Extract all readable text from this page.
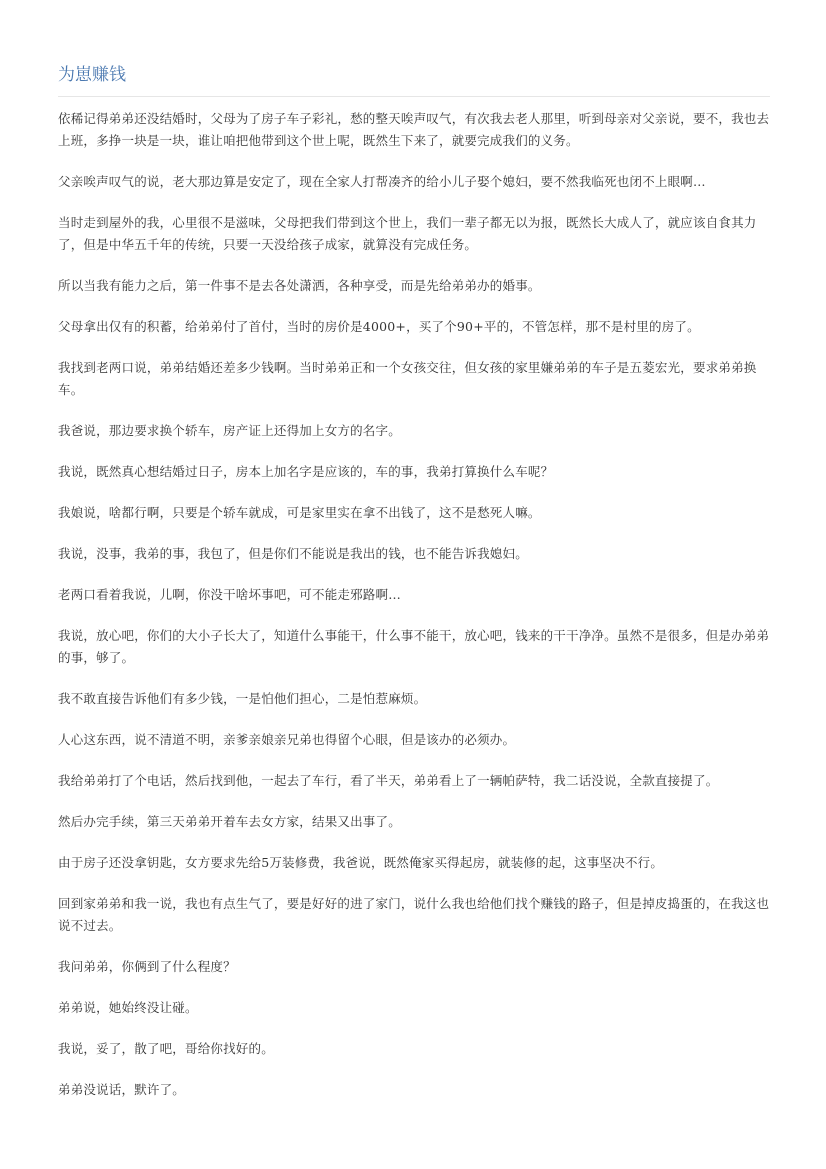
为崽赚钱

依稀记得弟弟还没结婚时，父母为了房子车子彩礼，愁的整天唉声叹气，有次我去老人那里，听到母亲对父亲说，要不，我也去上班，多挣一块是一块，谁让咱把他带到这个世上呢，既然生下来了，就要完成我们的义务。

父亲唉声叹气的说，老大那边算是安定了，现在全家人打帮凑齐的给小儿子娶个媳妇，要不然我临死也闭不上眼啊…

当时走到屋外的我，心里很不是滋味，父母把我们带到这个世上，我们一辈子都无以为报，既然长大成人了，就应该自食其力了，但是中华五千年的传统，只要一天没给孩子成家，就算没有完成任务。

所以当我有能力之后，第一件事不是去各处潇洒，各种享受，而是先给弟弟办的婚事。

父母拿出仅有的积蓄，给弟弟付了首付，当时的房价是4000+，买了个90+平的，不管怎样，那不是村里的房了。

我找到老两口说，弟弟结婚还差多少钱啊。当时弟弟正和一个女孩交往，但女孩的家里嫌弟弟的车子是五菱宏光，要求弟弟换车。

我爸说，那边要求换个轿车，房产证上还得加上女方的名字。

我说，既然真心想结婚过日子，房本上加名字是应该的，车的事，我弟打算换什么车呢？

我娘说，啥都行啊，只要是个轿车就成，可是家里实在拿不出钱了，这不是愁死人嘛。

我说，没事，我弟的事，我包了，但是你们不能说是我出的钱，也不能告诉我媳妇。

老两口看着我说，儿啊，你没干啥坏事吧，可不能走邪路啊…

我说，放心吧，你们的大小子长大了，知道什么事能干，什么事不能干，放心吧，钱来的干干净净。虽然不是很多，但是办弟弟的事，够了。

我不敢直接告诉他们有多少钱，一是怕他们担心，二是怕惹麻烦。

人心这东西，说不清道不明，亲爹亲娘亲兄弟也得留个心眼，但是该办的必须办。

我给弟弟打了个电话，然后找到他，一起去了车行，看了半天，弟弟看上了一辆帕萨特，我二话没说，全款直接提了。

然后办完手续，第三天弟弟开着车去女方家，结果又出事了。

由于房子还没拿钥匙，女方要求先给5万装修费，我爸说，既然俺家买得起房，就装修的起，这事坚决不行。

回到家弟弟和我一说，我也有点生气了，要是好好的进了家门，说什么我也给他们找个赚钱的路子，但是掉皮捣蛋的，在我这也说不过去。

我问弟弟，你俩到了什么程度？

弟弟说，她始终没让碰。

我说，妥了，散了吧，哥给你找好的。

弟弟没说话，默许了。
